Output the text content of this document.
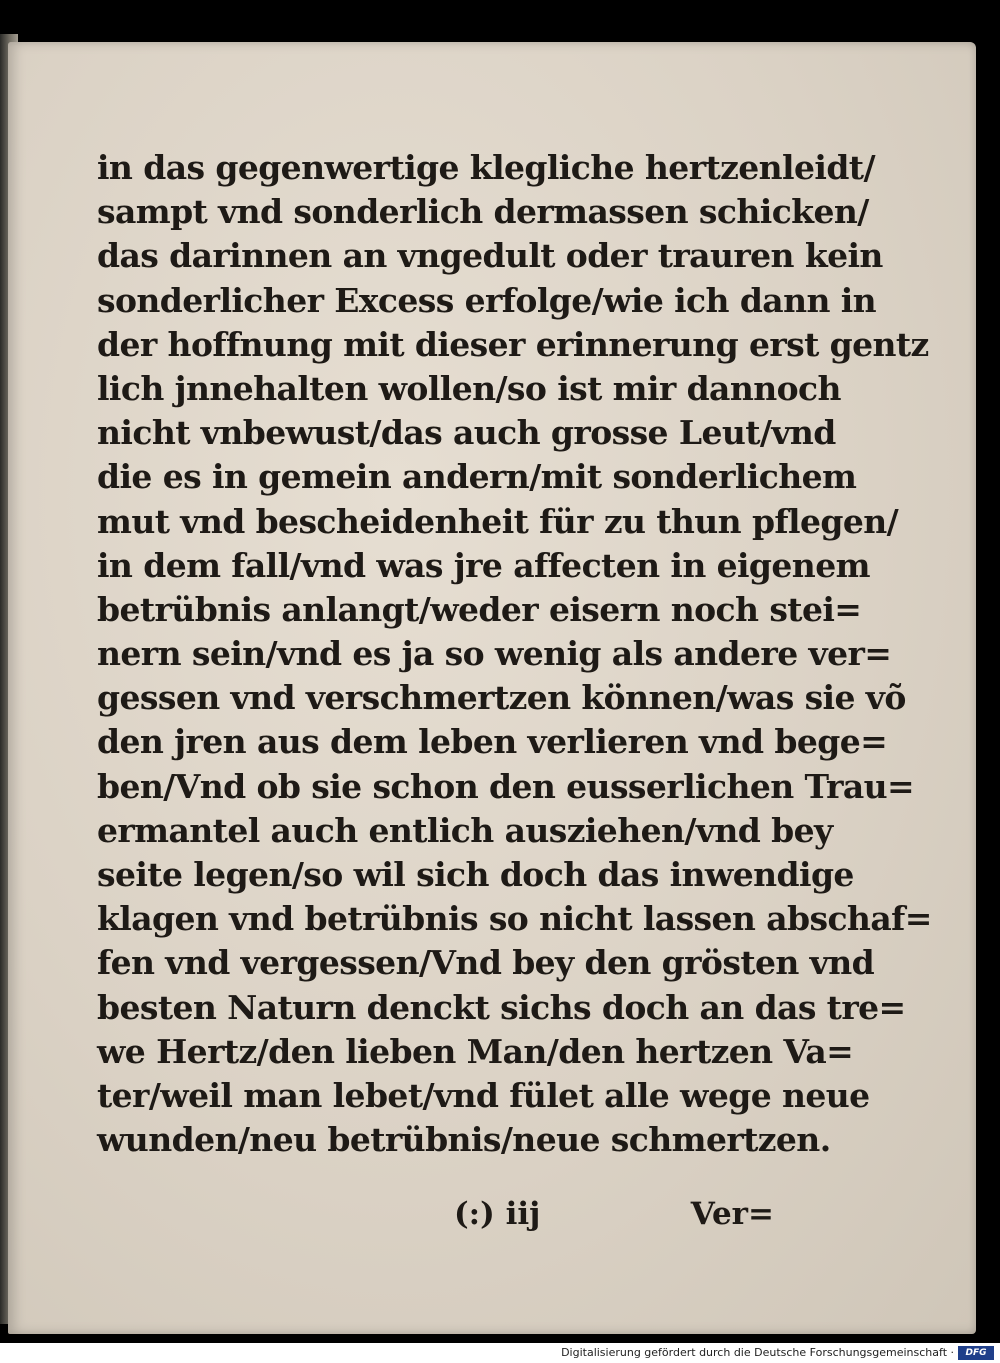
in das gegenwertige klegliche hertzenleidt/
sampt vnd sonderlich dermassen schicken/
das darinnen an vngedult oder trauren kein
sonderlicher Excess erfolge/wie ich dann in
der hoffnung mit dieser erinnerung erst gentz
lich jnnehalten wollen/so ist mir dannoch
nicht vnbewust/das auch grosse Leut/vnd
die es in gemein andern/mit sonderlichem
mut vnd bescheidenheit für zu thun pflegen/
in dem fall/vnd was jre affecten in eigenem
betrübnis anlangt/weder eisern noch stei=
nern sein/vnd es ja so wenig als andere ver=
gessen vnd verschmertzen können/was sie võ
den jren aus dem leben verlieren vnd bege=
ben/Vnd ob sie schon den eusserlichen Trau=
ermantel auch entlich ausziehen/vnd bey
seite legen/so wil sich doch das inwendige
klagen vnd betrübnis so nicht lassen abschaf=
fen vnd vergessen/Vnd bey den grösten vnd
besten Naturn denckt sichs doch an das tre=
we Hertz/den lieben Man/den hertzen Va=
ter/weil man lebet/vnd fület alle wege neue
wunden/neu betrübnis/neue schmertzen.
(:) iij	Ver=
Digitalisierung gefördert durch die Deutsche Forschungsgemeinschaft ·	DFG
